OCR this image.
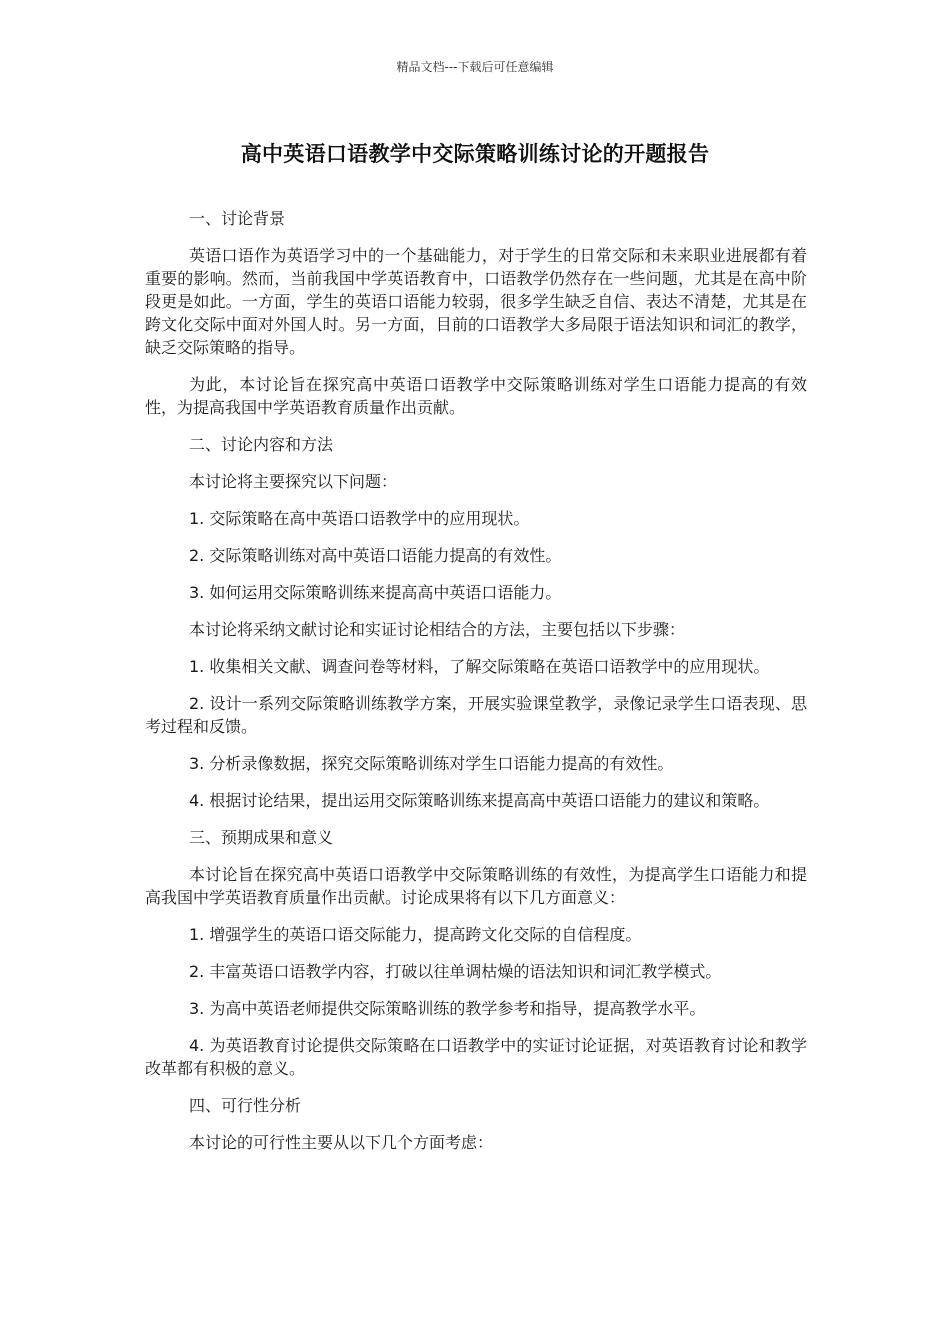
精品文档---下载后可任意编辑
高中英语口语教学中交际策略训练讨论的开题报告

一、讨论背景

英语口语作为英语学习中的一个基础能力，对于学生的日常交际和未来职业进展都有着重要的影响。然而，当前我国中学英语教育中，口语教学仍然存在一些问题，尤其是在高中阶段更是如此。一方面，学生的英语口语能力较弱，很多学生缺乏自信、表达不清楚，尤其是在跨文化交际中面对外国人时。另一方面，目前的口语教学大多局限于语法知识和词汇的教学，缺乏交际策略的指导。

为此，本讨论旨在探究高中英语口语教学中交际策略训练对学生口语能力提高的有效性，为提高我国中学英语教育质量作出贡献。

二、讨论内容和方法

本讨论将主要探究以下问题：

1. 交际策略在高中英语口语教学中的应用现状。

2. 交际策略训练对高中英语口语能力提高的有效性。

3. 如何运用交际策略训练来提高高中英语口语能力。

本讨论将采纳文献讨论和实证讨论相结合的方法，主要包括以下步骤：

1. 收集相关文献、调查问卷等材料，了解交际策略在英语口语教学中的应用现状。

2. 设计一系列交际策略训练教学方案，开展实验课堂教学，录像记录学生口语表现、思考过程和反馈。

3. 分析录像数据，探究交际策略训练对学生口语能力提高的有效性。

4. 根据讨论结果，提出运用交际策略训练来提高高中英语口语能力的建议和策略。

三、预期成果和意义

本讨论旨在探究高中英语口语教学中交际策略训练的有效性，为提高学生口语能力和提高我国中学英语教育质量作出贡献。讨论成果将有以下几方面意义：

1. 增强学生的英语口语交际能力，提高跨文化交际的自信程度。

2. 丰富英语口语教学内容，打破以往单调枯燥的语法知识和词汇教学模式。

3. 为高中英语老师提供交际策略训练的教学参考和指导，提高教学水平。

4. 为英语教育讨论提供交际策略在口语教学中的实证讨论证据，对英语教育讨论和教学改革都有积极的意义。

四、可行性分析

本讨论的可行性主要从以下几个方面考虑：
